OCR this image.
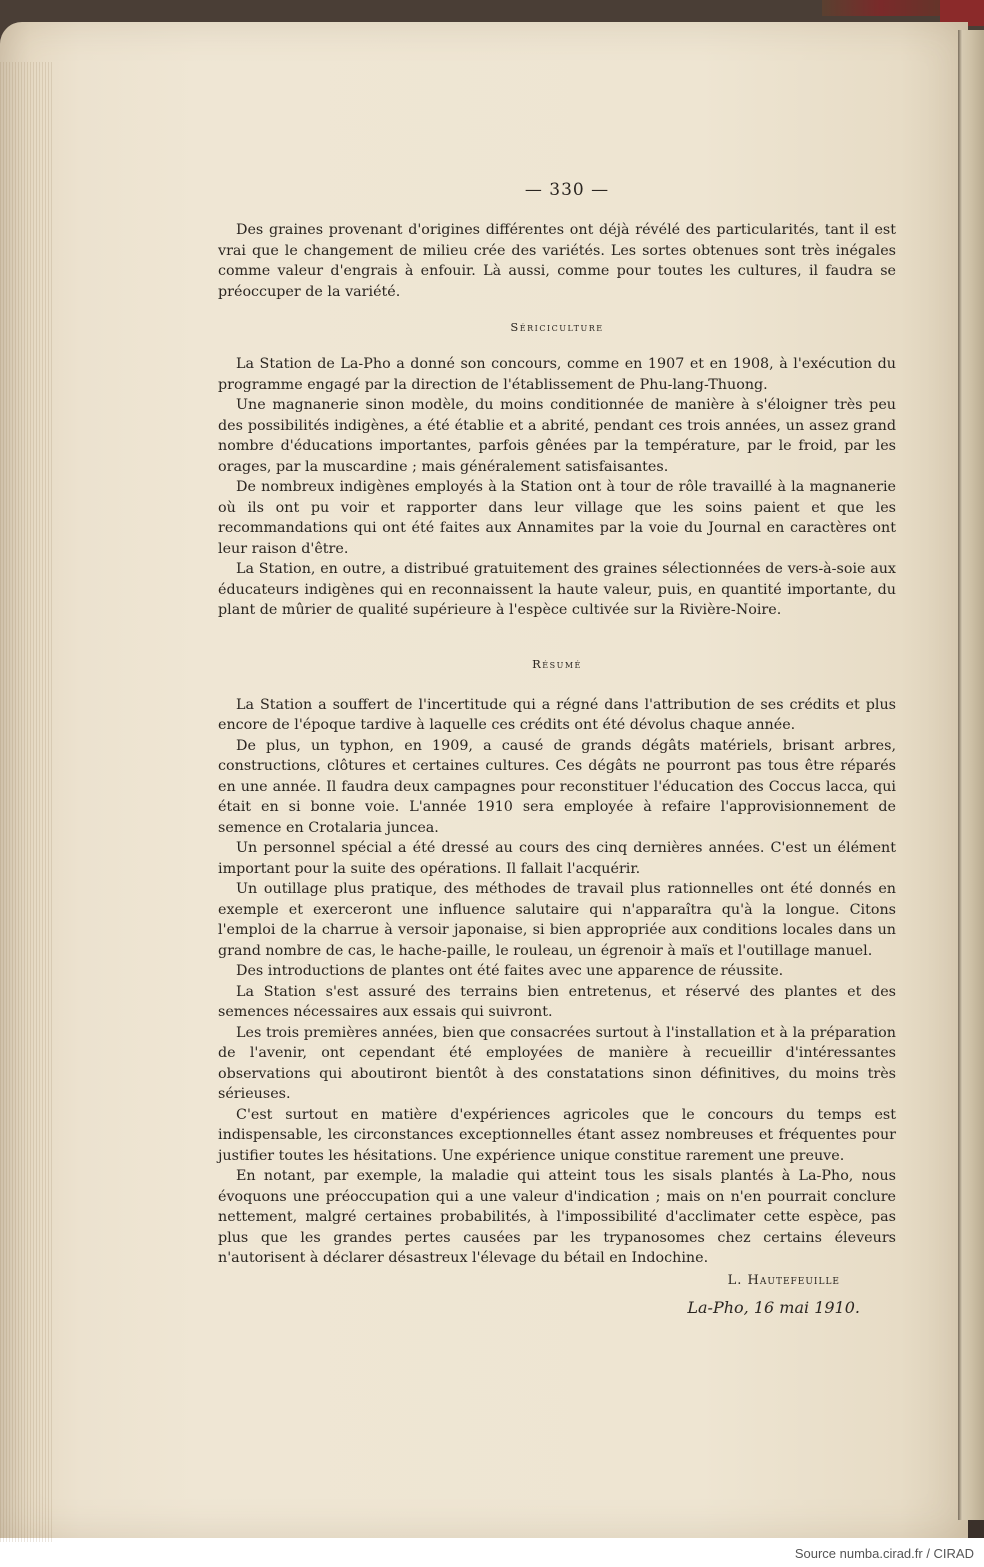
— 330 —

Des graines provenant d'origines différentes ont déjà révélé des particularités, tant il est vrai que le changement de milieu crée des variétés. Les sortes obtenues sont très inégales comme valeur d'engrais à enfouir. Là aussi, comme pour toutes les cultures, il faudra se préoccuper de la variété.

Sériciculture

La Station de La-Pho a donné son concours, comme en 1907 et en 1908, à l'exécution du programme engagé par la direction de l'établissement de Phu-lang-Thuong.

Une magnanerie sinon modèle, du moins conditionnée de manière à s'éloigner très peu des possibilités indigènes, a été établie et a abrité, pendant ces trois années, un assez grand nombre d'éducations importantes, parfois gênées par la température, par le froid, par les orages, par la muscardine ; mais généralement satisfaisantes.

De nombreux indigènes employés à la Station ont à tour de rôle travaillé à la magnanerie où ils ont pu voir et rapporter dans leur village que les soins paient et que les recommandations qui ont été faites aux Annamites par la voie du Journal en caractères ont leur raison d'être.

La Station, en outre, a distribué gratuitement des graines sélectionnées de vers-à-soie aux éducateurs indigènes qui en reconnaissent la haute valeur, puis, en quantité importante, du plant de mûrier de qualité supérieure à l'espèce cultivée sur la Rivière-Noire.

Résumé

La Station a souffert de l'incertitude qui a régné dans l'attribution de ses crédits et plus encore de l'époque tardive à laquelle ces crédits ont été dévolus chaque année.

De plus, un typhon, en 1909, a causé de grands dégâts matériels, brisant arbres, constructions, clôtures et certaines cultures. Ces dégâts ne pourront pas tous être réparés en une année. Il faudra deux campagnes pour reconstituer l'éducation des Coccus lacca, qui était en si bonne voie. L'année 1910 sera employée à refaire l'approvisionnement de semence en Crotalaria juncea.

Un personnel spécial a été dressé au cours des cinq dernières années. C'est un élément important pour la suite des opérations. Il fallait l'acquérir.

Un outillage plus pratique, des méthodes de travail plus rationnelles ont été donnés en exemple et exerceront une influence salutaire qui n'apparaîtra qu'à la longue. Citons l'emploi de la charrue à versoir japonaise, si bien appropriée aux conditions locales dans un grand nombre de cas, le hache-paille, le rouleau, un égrenoir à maïs et l'outillage manuel.

Des introductions de plantes ont été faites avec une apparence de réussite.

La Station s'est assuré des terrains bien entretenus, et réservé des plantes et des semences nécessaires aux essais qui suivront.

Les trois premières années, bien que consacrées surtout à l'installation et à la préparation de l'avenir, ont cependant été employées de manière à recueillir d'intéressantes observations qui aboutiront bientôt à des constatations sinon définitives, du moins très sérieuses.

C'est surtout en matière d'expériences agricoles que le concours du temps est indispensable, les circonstances exceptionnelles étant assez nombreuses et fréquentes pour justifier toutes les hésitations. Une expérience unique constitue rarement une preuve.

En notant, par exemple, la maladie qui atteint tous les sisals plantés à La-Pho, nous évoquons une préoccupation qui a une valeur d'indication ; mais on n'en pourrait conclure nettement, malgré certaines probabilités, à l'impossibilité d'acclimater cette espèce, pas plus que les grandes pertes causées par les trypanosomes chez certains éleveurs n'autorisent à déclarer désastreux l'élevage du bétail en Indochine.

L. Hautefeuille
La-Pho, 16 mai 1910.
Source numba.cirad.fr / CIRAD
